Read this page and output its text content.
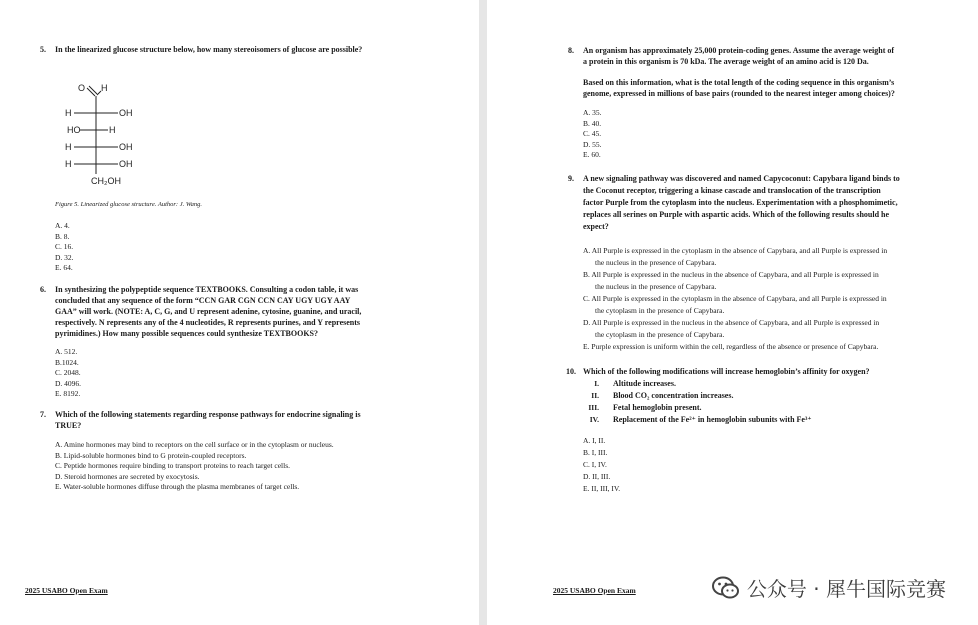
5. In the linearized glucose structure below, how many stereoisomers of glucose are possible?
O H
H	OH
HO	H
H	OH
H	OH
CH₂OH
Figure 5. Linearized glucose structure. Author: J. Wang.
A. 4.
B. 8.
C. 16.
D. 32.
E. 64.
6. In synthesizing the polypeptide sequence TEXTBOOKS. Consulting a codon table, it was
concluded that any sequence of the form “CCN GAR CGN CCN CAY UGY UGY AAY
GAA” will work. (NOTE: A, C, G, and U represent adenine, cytosine, guanine, and uracil,
respectively. N represents any of the 4 nucleotides, R represents purines, and Y represents
pyrimidines.) How many possible sequences could synthesize TEXTBOOKS?
A. 512.
B.1024.
C. 2048.
D. 4096.
E. 8192.
7. Which of the following statements regarding response pathways for endocrine signaling is
TRUE?
A. Amine hormones may bind to receptors on the cell surface or in the cytoplasm or nucleus.
B. Lipid-soluble hormones bind to G protein-coupled receptors.
C. Peptide hormones require binding to transport proteins to reach target cells.
D. Steroid hormones are secreted by exocytosis.
E. Water-soluble hormones diffuse through the plasma membranes of target cells.
2025 USABO Open Exam
8. An organism has approximately 25,000 protein-coding genes. Assume the average weight of
a protein in this organism is 70 kDa. The average weight of an amino acid is 120 Da.
Based on this information, what is the total length of the coding sequence in this organism’s
genome, expressed in millions of base pairs (rounded to the nearest integer among choices)?
A. 35.
B. 40.
C. 45.
D. 55.
E. 60.
9. A new signaling pathway was discovered and named Capycoconut: Capybara ligand binds to
the Coconut receptor, triggering a kinase cascade and translocation of the transcription
factor Purple from the cytoplasm into the nucleus. Experimentation with a phosphomimetic,
replaces all serines on Purple with aspartic acids. Which of the following results should he
expect?
A. All Purple is expressed in the cytoplasm in the absence of Capybara, and all Purple is expressed in
the nucleus in the presence of Capybara.
B. All Purple is expressed in the nucleus in the absence of Capybara, and all Purple is expressed in
the nucleus in the presence of Capybara.
C. All Purple is expressed in the cytoplasm in the absence of Capybara, and all Purple is expressed in
the cytoplasm in the presence of Capybara.
D. All Purple is expressed in the nucleus in the absence of Capybara, and all Purple is expressed in
the cytoplasm in the presence of Capybara.
E. Purple expression is uniform within the cell, regardless of the absence or presence of Capybara.
10. Which of the following modifications will increase hemoglobin’s affinity for oxygen?
I. Altitude increases.
II. Blood CO₂ concentration increases.
III. Fetal hemoglobin present.
IV. Replacement of the Fe²⁺ in hemoglobin subunits with Fe³⁺
A. I, II.
B. I, III.
C. I, IV.
D. II, III.
E. II, III, IV.
2025 USABO Open Exam	公众号 · 犀牛国际竞赛
